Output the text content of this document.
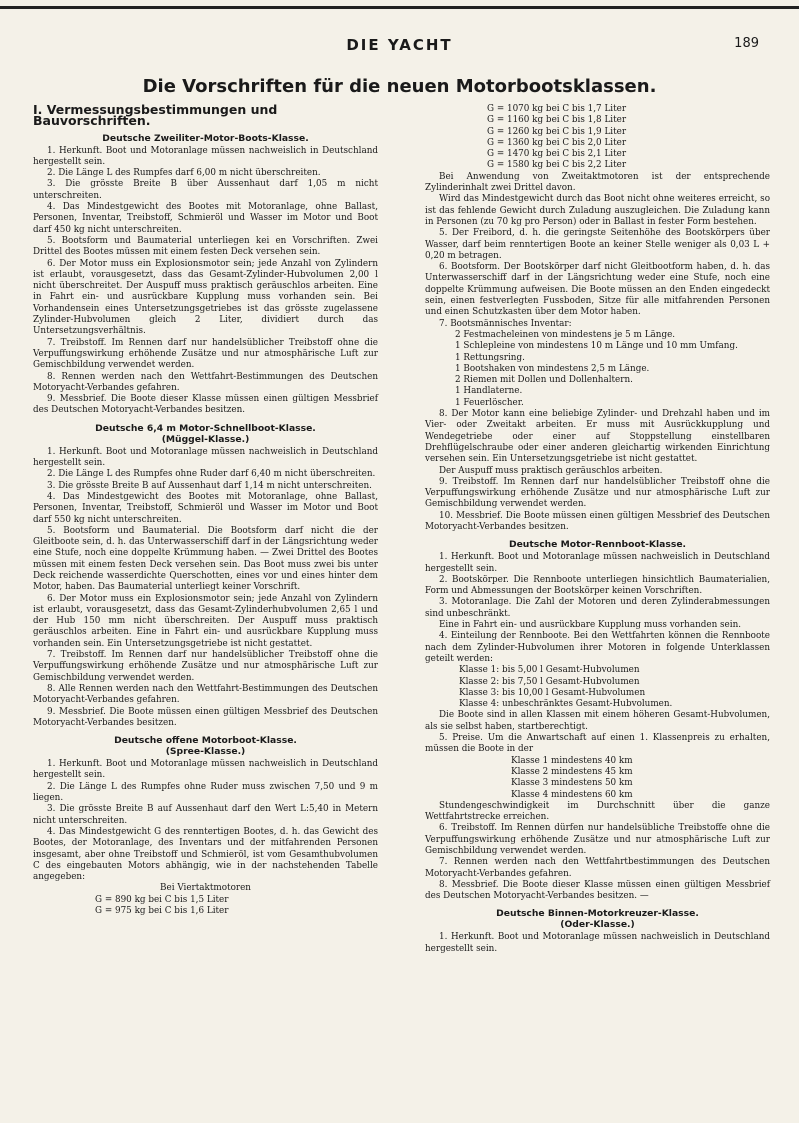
DIE YACHT	189
Die Vorschriften für die neuen Motorbootsklassen.
I. Vermessungsbestimmungen und Bauvorschriften.
Deutsche Zweiliter-Motor-Boots-Klasse.

1. Herkunft. Boot und Motoranlage müssen nachweislich in Deutschland hergestellt sein.

2. Die Länge L des Rumpfes darf 6,00 m nicht überschreiten.

3. Die grösste Breite B über Aussenhaut darf 1,05 m nicht unterschreiten.

4. Das Mindestgewicht des Bootes mit Motoranlage, ohne Ballast, Personen, Inventar, Treibstoff, Schmieröl und Wasser im Motor und Boot darf 450 kg nicht unterschreiten.

5. Bootsform und Baumaterial unterliegen kei en Vorschriften. Zwei Drittel des Bootes müssen mit einem festen Deck versehen sein.

6. Der Motor muss ein Explosionsmotor sein; jede Anzahl von Zylindern ist erlaubt, vorausgesetzt, dass das Gesamt-Zylinder-Hubvolumen 2,00 l nicht überschreitet. Der Auspuff muss praktisch geräuschlos arbeiten. Eine in Fahrt ein- und ausrückbare Kupplung muss vorhanden sein. Bei Vorhandensein eines Untersetzungsgetriebes ist das grösste zugelassene Zylinder-Hubvolumen gleich 2 Liter, dividiert durch das Untersetzungsverhältnis.

7. Treibstoff. Im Rennen darf nur handelsüblicher Treibstoff ohne die Verpuffungswirkung erhöhende Zusätze und nur atmosphärische Luft zur Gemischbildung verwendet werden.

8. Rennen werden nach den Wettfahrt-Bestimmungen des Deutschen Motoryacht-Verbandes gefahren.

9. Messbrief. Die Boote dieser Klasse müssen einen gültigen Messbrief des Deutschen Motoryacht-Verbandes besitzen.

Deutsche 6,4 m Motor-Schnellboot-Klasse.
(Müggel-Klasse.)

1. Herkunft. Boot und Motoranlage müssen nachweislich in Deutschland hergestellt sein.

2. Die Länge L des Rumpfes ohne Ruder darf 6,40 m nicht überschreiten.

3. Die grösste Breite B auf Aussenhaut darf 1,14 m nicht unterschreiten.

4. Das Mindestgewicht des Bootes mit Motoranlage, ohne Ballast, Personen, Inventar, Treibstoff, Schmieröl und Wasser im Motor und Boot darf 550 kg nicht unterschreiten.

5. Bootsform und Baumaterial. Die Bootsform darf nicht die der Gleitboote sein, d. h. das Unterwasserschiff darf in der Längsrichtung weder eine Stufe, noch eine doppelte Krümmung haben. — Zwei Drittel des Bootes müssen mit einem festen Deck versehen sein. Das Boot muss zwei bis unter Deck reichende wasserdichte Querschotten, eines vor und eines hinter dem Motor, haben. Das Baumaterial unterliegt keiner Vorschrift.

6. Der Motor muss ein Explosionsmotor sein; jede Anzahl von Zylindern ist erlaubt, vorausgesetzt, dass das Gesamt-Zylinderhubvolumen 2,65 l und der Hub 150 mm nicht überschreiten. Der Auspuff muss praktisch geräuschlos arbeiten. Eine in Fahrt ein- und ausrückbare Kupplung muss vorhanden sein. Ein Untersetzungsgetriebe ist nicht gestattet.

7. Treibstoff. Im Rennen darf nur handelsüblicher Treibstoff ohne die Verpuffungswirkung erhöhende Zusätze und nur atmosphärische Luft zur Gemischbildung verwendet werden.

8. Alle Rennen werden nach den Wettfahrt-Bestimmungen des Deutschen Motoryacht-Verbandes gefahren.

9. Messbrief. Die Boote müssen einen gültigen Messbrief des Deutschen Motoryacht-Verbandes besitzen.

Deutsche offene Motorboot-Klasse.
(Spree-Klasse.)

1. Herkunft. Boot und Motoranlage müssen nachweislich in Deutschland hergestellt sein.

2. Die Länge L des Rumpfes ohne Ruder muss zwischen 7,50 und 9 m liegen.

3. Die grösste Breite B auf Aussenhaut darf den Wert L:5,40 in Metern nicht unterschreiten.

4. Das Mindestgewicht G des renntertigen Bootes, d. h. das Gewicht des Bootes, der Motoranlage, des Inventars und der mitfahrenden Personen insgesamt, aber ohne Treibstoff und Schmieröl, ist vom Gesamthubvolumen C des eingebauten Motors abhängig, wie in der nachstehenden Tabelle angegeben:

Bei Viertaktmotoren

G = 890 kg bei C bis 1,5 Liter
G = 975 kg bei C bis 1,6 Liter
G = 1070 kg bei C bis 1,7 Liter
G = 1160 kg bei C bis 1,8 Liter
G = 1260 kg bei C bis 1,9 Liter
G = 1360 kg bei C bis 2,0 Liter
G = 1470 kg bei C bis 2,1 Liter
G = 1580 kg bei C bis 2,2 Liter

Bei Anwendung von Zweitaktmotoren ist der entsprechende Zylinderinhalt zwei Drittel davon.

Wird das Mindestgewicht durch das Boot nicht ohne weiteres erreicht, so ist das fehlende Gewicht durch Zuladung auszugleichen. Die Zuladung kann in Personen (zu 70 kg pro Person) oder in Ballast in fester Form bestehen.

5. Der Freibord, d. h. die geringste Seitenhöhe des Bootskörpers über Wasser, darf beim renntertigen Boote an keiner Stelle weniger als 0,03 L + 0,20 m betragen.

6. Bootsform. Der Bootskörper darf nicht Gleitbootform haben, d. h. das Unterwasserschiff darf in der Längsrichtung weder eine Stufe, noch eine doppelte Krümmung aufweisen. Die Boote müssen an den Enden eingedeckt sein, einen festverlegten Fussboden, Sitze für alle mitfahrenden Personen und einen Schutzkasten über dem Motor haben.

7. Bootsmännisches Inventar:

2 Festmacheleinen von mindestens je 5 m Länge.

1 Schlepleine von mindestens 10 m Länge und 10 mm Umfang.

1 Rettungsring.

1 Bootshaken von mindestens 2,5 m Länge.

2 Riemen mit Dollen und Dollenhaltern.

1 Handlaterne.

1 Feuerlöscher.

8. Der Motor kann eine beliebige Zylinder- und Drehzahl haben und im Vier- oder Zweitakt arbeiten. Er muss mit Ausrückkupplung und Wendegetriebe oder einer auf Stoppstellung einstellbaren Drehflügelschraube oder einer anderen gleichartig wirkenden Einrichtung versehen sein. Ein Untersetzungsgetriebe ist nicht gestattet.

Der Auspuff muss praktisch geräuschlos arbeiten.

9. Treibstoff. Im Rennen darf nur handelsüblicher Treibstoff ohne die Verpuffungswirkung erhöhende Zusätze und nur atmosphärische Luft zur Gemischbildung verwendet werden.

10. Messbrief. Die Boote müssen einen gültigen Messbrief des Deutschen Motoryacht-Verbandes besitzen.

Deutsche Motor-Rennboot-Klasse.

1. Herkunft. Boot und Motoranlage müssen nachweislich in Deutschland hergestellt sein.

2. Bootskörper. Die Rennboote unterliegen hinsichtlich Baumaterialien, Form und Abmessungen der Bootskörper keinen Vorschriften.

3. Motoranlage. Die Zahl der Motoren und deren Zylinderabmessungen sind unbeschränkt.

Eine in Fahrt ein- und ausrückbare Kupplung muss vorhanden sein.

4. Einteilung der Rennboote. Bei den Wettfahrten können die Rennboote nach dem Zylinder-Hubvolumen ihrer Motoren in folgende Unterklassen geteilt werden:

Klasse 1: bis 5,00 l Gesamt-Hubvolumen

Klasse 2: bis 7,50 l Gesamt-Hubvolumen

Klasse 3: bis 10,00 l Gesamt-Hubvolumen

Klasse 4: unbeschränktes Gesamt-Hubvolumen.

Die Boote sind in allen Klassen mit einem höheren Gesamt-Hubvolumen, als sie selbst haben, startberechtigt.

5. Preise. Um die Anwartschaft auf einen 1. Klassenpreis zu erhalten, müssen die Boote in der

Klasse 1 mindestens 40 km

Klasse 2 mindestens 45 km

Klasse 3 mindestens 50 km

Klasse 4 mindestens 60 km

Stundengeschwindigkeit im Durchschnitt über die ganze Wettfahrtstrecke erreichen.

6. Treibstoff. Im Rennen dürfen nur handelsübliche Treibstoffe ohne die Verpuffungswirkung erhöhende Zusätze und nur atmosphärische Luft zur Gemischbildung verwendet werden.

7. Rennen werden nach den Wettfahrtbestimmungen des Deutschen Motoryacht-Verbandes gefahren.

8. Messbrief. Die Boote dieser Klasse müssen einen gültigen Messbrief des Deutschen Motoryacht-Verbandes besitzen. —

Deutsche Binnen-Motorkreuzer-Klasse.
(Oder-Klasse.)

1. Herkunft. Boot und Motoranlage müssen nachweislich in Deutschland hergestellt sein.
